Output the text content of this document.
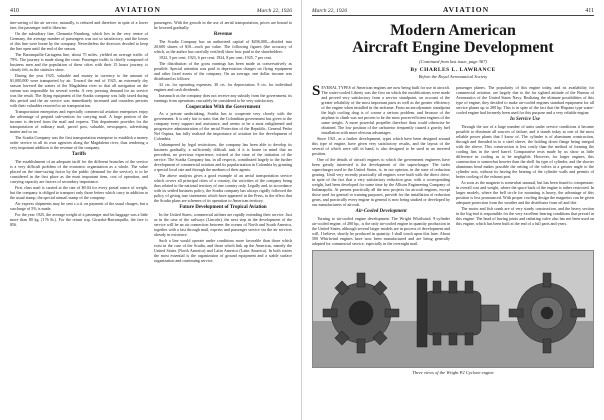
410	AVIATION	March 22, 1926

tine-saving of the air service, naturally, is reduced and therefore in spite of a lower fare, the passenger traffic likewise.

On the subsidiary line, Chemnitz-Nurnberg, which lies in the very centre of Germany, the average number of passengers was not so satisfactory, and the losses of this line were borne by the company. Nevertheless the directors decided to keep the line open until the end of the season.

The Barranquilla-Cartagena line, about 75 miles, yielded an average traffic of 79%. The journey is made along the coast. Passenger traffic is chiefly composed of business men and the population of these cities with their 15 hours journey, is clearly felt, as the statistics show.

During the year 1925, valuable and money in currency to the amount of $1,000,000 were transported by air. Toward the end of 1925, an extremely dry season lowered the waters of the Magdalena river so that all navigation on the stream was impossible for several weeks. A very pressing demand for air service was the result. The flying equipment of the Scadta company was fully taxed during this period and the air service was immediately increased and countless persons with their valuables resorted to air transportation.

Transportation enterprises and especially commercial aviation enterprises enjoy the advantage of prepaid sub-vention for carrying mail. A large portion of the income is derived from the mail and express. This department provides for the transportation of ordinary mail, parcel post, valuable, newspapers, advertising matter and so on.

The Scadta Company was the first transportation enterprise to establish a money order service in all its own agencies along the Magdalena river, thus rendering a very important addition to the revenue of the company.

Tariffs

The establishment of an adequate tariff for the different branches of the service is a very difficult problem of the economic organization as a whole. The value placed on the time-saving factor by the public (demand for the service), is to be considered in the first place as the most important item, cost of operation, and carrying capacity are factors of secondary importance.

First class mail is carried at the rate of $0.04 for every postal ounce of weight, but the company is obliged to transport only those letters which carry in addition to the usual stamp, the special airmail stamp of the company.

Air express shipments may be sent c.o.d. on payment of the usual charges, but a surcharge of 5% is made.

For the year 1925, the average weight of a passenger and his baggage was a little more than 80 kg. (176 lb.). For the return trip, Girardot-Barranquilla, the fare is $56.

passengers. With the growth in the use of aerial transportation, prices are bound to be lowered gradually.

Revenue

The Scadta Company has an authorized capital of $206,000—divided into 20,600 shares of $10—each par value. The following figures (the accuracy of which, as the author has carefully verified) show how paid to the shareholders:

1922, 5 per cent; 1923, 6 per cent; 1924, 8 per cent; 1925, 7 per cent.

The distribution of the gross earnings has been made as conservatively as possible. Special attention was paid to depreciation charges on flying equipment and other fixed assets of the company. On an average, one dollar income was distributed as follows:

32 cts. for operating expenses; 30 cts. for depreciation; 8 cts. for individual engines and cash dividends.

Inasmuch as the company does not receive any subsidy from the government, its earnings from operations can safely be considered to be very satisfactory.

Cooperation With the Government

As a private undertaking, Scadta has to cooperate very closely with the government. It is only fair to state, that the Colombian government has given to the company every support and assistance, and seems to be a most enlightened and progressive administration of the aerial Protection of the Republic, General Pedro Nel Ospina, has fully realized the importance of aviation for the development of Colombia.

Unhampered by legal restrictions, the company has been able to develop its business gradually, a sufficiently difficult task if it is borne in mind that no precedent, no previous experience, existed at the time of the initiation of the service. The Scadta Company has, in all respects, contributed largely to the further development of commercial aviation and its popularization in Colombia by granting a special local rate and through the medium of their agents.

The above analysis gives a good example of an aerial transportation service which covers all principal cities of a country, the activities of the company being thus related to the national territory of one country only. Legally and, in accordance with its settled business policy, the Scadta company has always rigidly followed the policy of giving true statements which have appeared in the Press, to the effect that the Scadta plans are schemes of its operation to American territory.

Future Development of Tropical Aviation

In the United States, commercial airlines are rapidly extending their service. Just as in the case of the railways (Lincoln), the next step in the development of the service will be an air connection between the oceans of North and South America, together with a fast through mail, express and passenger service via the air services already in existence.

Such a line would operate under conditions more favorable than those which exist in the case of the Scadta, and those which link up the Americas, namely the United States (North America) and Latin America (Latin America). In both routes the most essential is the organization of ground equipment and a stable surface organization and continuing service.

March 22, 1926	AVIATION	411
Modern American
Aircraft Engine Development
(Continued from last issue, page 367)
By CHARLES L. LAWRANCE
Before the Royal Aeronautical Society
S EVERAL TYPES of American engines are now being built for use in aircraft. The water-cooled Liberty was the first on which the modifications were made and proved very satisfactory from a service standpoint, on account of the greater reliability of the most important parts as well as the greater efficiency of the engine when installed in the airframe. From an aerodynamic standpoint the high cooling drag is of course a serious problem, and because of the airplane to climb was not proven to be the most power-efficient engines of the same weight. A more powerful propeller therefore than could otherwise be obtained. The low position of the carburetor frequently caused a gravity fuel installation with more obvious advantages.

Since 1921, as a further development, types which have been designed around this type of engine, have given very satisfactory results, and the layout of the several of which were still in hand, is also designed to be used in an inverted position.

One of the details of aircraft engines to which the government engineers have been greatly interested is the development of the supercharger. The turbo supercharger used in the United States, is, in our opinion, in the state of reduction gearing. Until very recently practically all engines were built with the direct drive, in spite of the fact that a very satisfactory reduction gear, with a corresponding weight, had been developed for some time by the Allison Engineering Company of Indianapolis. At present practically all the new projects for aircraft engines, except those used for general or training purposes, provide for the installation of reduction gears, and practically every engine in general is now being studied or developed by our manufacturers of aircraft.

Air-Cooled Development

Turning to air-cooled engine development. The Wright Whirlwind, 9-cylinder air-cooled engine, of 200 hp., is the only air-cooled engine in quantity production in the United States, although several larger models are in process of development and will, I believe, shortly be produced in quantity. I shall touch upon this later. About 500 Whirlwind engines have now been manufactured and are being generally adopted for commercial service, especially in the overnight mail.

passenger planes. The popularity of this engine today, and its availability for commercial aviation, are largely due to the far sighted attitude of the Bureau of Aeronautics of the United States Navy. Realizing the ultimate possibilities of this type of engine, they decided to make air-cooled engines standard equipment for all service planes up to 200 hp. This is in spite of the fact that the Hispano type water-cooled engine had formerly been used for this purpose and a very reliable engine.

In Service Use

Through the use of a large number of units under service conditions it became possible to eliminate all sources of failure, and it stands today as one of the most reliable power plants that I know of. The cylinder is of aluminum construction, through and threaded in to a steel sleeve, the holding down flange being integral with the sleeve. This construction is less costly than the method of forming the cooling fins in the steel barrel. Comparative tests made by us show as little difference in cooling as to be negligible. However, for larger engines, this construction is somewhat heavier than the shell fin type of cylinder, and the shorter aluminum head makes possible the setting of the valves at a greater angle to the cylinder axis, without its having the bearing of the cylinder walls and permits of better cooling of the exhaust port.

As soon as the magneto is somewhat unusual, but has been found to compensate, in overall cost and weight, where the space back of the engine is rather restricted. In larger models, where the bell circle for mounting is heavy, the advantage of this position is less pronounced. With proper cowling design the magnetos can be given adequate protection from the weather and the distributor from oil and dirt.

The motor and fish crank are of very sturdy construction, and the heavy section in the big end is responsible for the very excellent bearing conditions that prevail in this engine. The head of having joints and radiating valve also has not been used on this engine, which has been built at the end of a full parts and years.

Three views of the Wright P2 Cyclone engine
